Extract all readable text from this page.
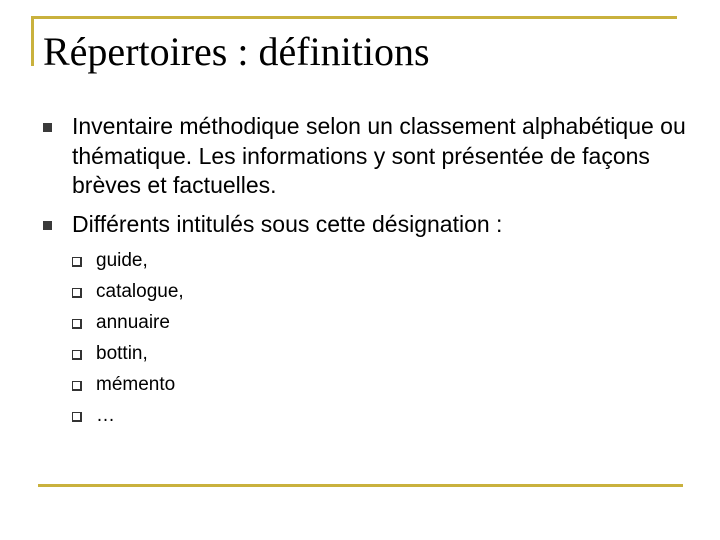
Répertoires : définitions
Inventaire méthodique selon un classement alphabétique ou thématique. Les informations y sont présentée de façons brèves et factuelles.
Différents intitulés sous cette désignation :
guide,
catalogue,
annuaire
bottin,
mémento
…
